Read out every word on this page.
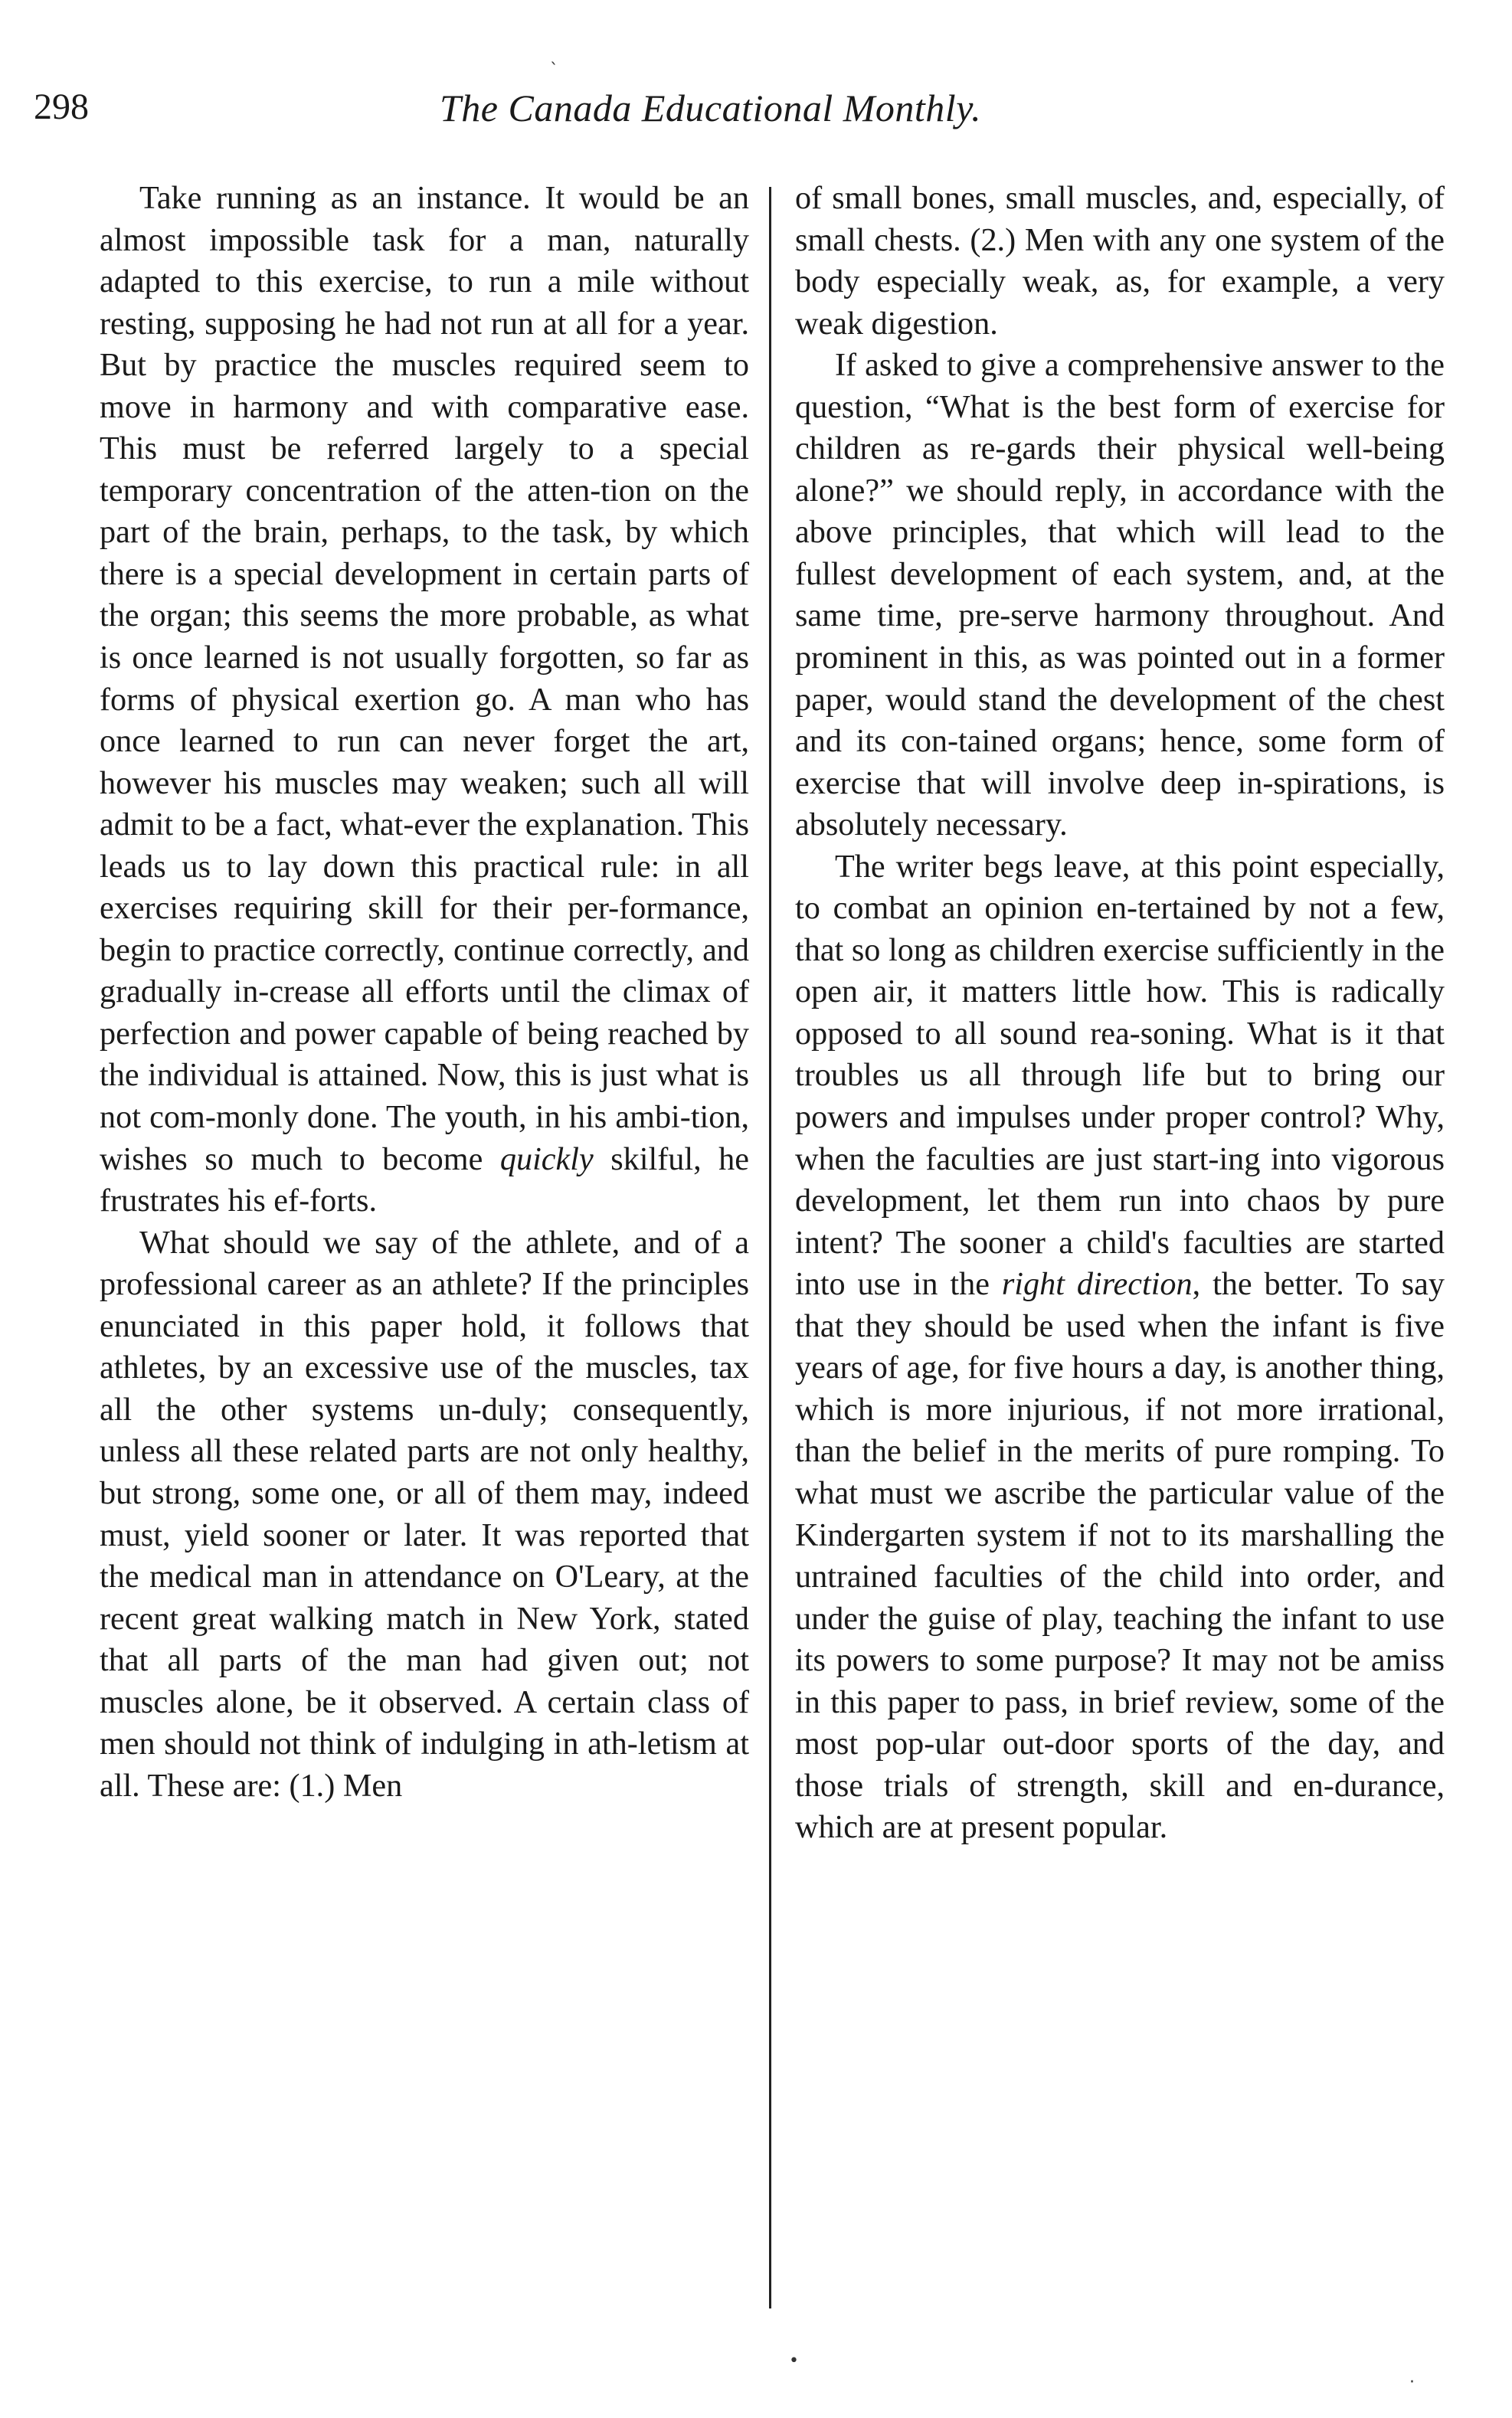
298	The Canada Educational Monthly.
ˎ

Take running as an instance. It would be an almost impossible task for a man, naturally adapted to this exercise, to run a mile without resting, supposing he had not run at all for a year. But by practice the muscles required seem to move in harmony and with comparative ease. This must be referred largely to a special temporary concentration of the atten-tion on the part of the brain, perhaps, to the task, by which there is a special development in certain parts of the organ; this seems the more probable, as what is once learned is not usually forgotten, so far as forms of physical exertion go. A man who has once learned to run can never forget the art, however his muscles may weaken; such all will admit to be a fact, what-ever the explanation. This leads us to lay down this practical rule: in all exercises requiring skill for their per-formance, begin to practice correctly, continue correctly, and gradually in-crease all efforts until the climax of perfection and power capable of being reached by the individual is attained. Now, this is just what is not com-monly done. The youth, in his ambi-tion, wishes so much to become quickly skilful, he frustrates his ef-forts.

What should we say of the athlete, and of a professional career as an athlete? If the principles enunciated in this paper hold, it follows that athletes, by an excessive use of the muscles, tax all the other systems un-duly; consequently, unless all these related parts are not only healthy, but strong, some one, or all of them may, indeed must, yield sooner or later. It was reported that the medical man in attendance on O'Leary, at the recent great walking match in New York, stated that all parts of the man had given out; not muscles alone, be it observed. A certain class of men should not think of indulging in ath-letism at all. These are: (1.) Men

of small bones, small muscles, and, especially, of small chests. (2.) Men with any one system of the body especially weak, as, for example, a very weak digestion.

If asked to give a comprehensive answer to the question, “What is the best form of exercise for children as re-gards their physical well-being alone?” we should reply, in accordance with the above principles, that which will lead to the fullest development of each system, and, at the same time, pre-serve harmony throughout. And prominent in this, as was pointed out in a former paper, would stand the development of the chest and its con-tained organs; hence, some form of exercise that will involve deep in-spirations, is absolutely necessary.

The writer begs leave, at this point especially, to combat an opinion en-tertained by not a few, that so long as children exercise sufficiently in the open air, it matters little how. This is radically opposed to all sound rea-soning. What is it that troubles us all through life but to bring our powers and impulses under proper control? Why, when the faculties are just start-ing into vigorous development, let them run into chaos by pure intent? The sooner a child's faculties are started into use in the right direction, the better. To say that they should be used when the infant is five years of age, for five hours a day, is another thing, which is more injurious, if not more irrational, than the belief in the merits of pure romping. To what must we ascribe the particular value of the Kindergarten system if not to its marshalling the untrained faculties of the child into order, and under the guise of play, teaching the infant to use its powers to some purpose? It may not be amiss in this paper to pass, in brief review, some of the most pop-ular out-door sports of the day, and those trials of strength, skill and en-durance, which are at present popular.

•
·
